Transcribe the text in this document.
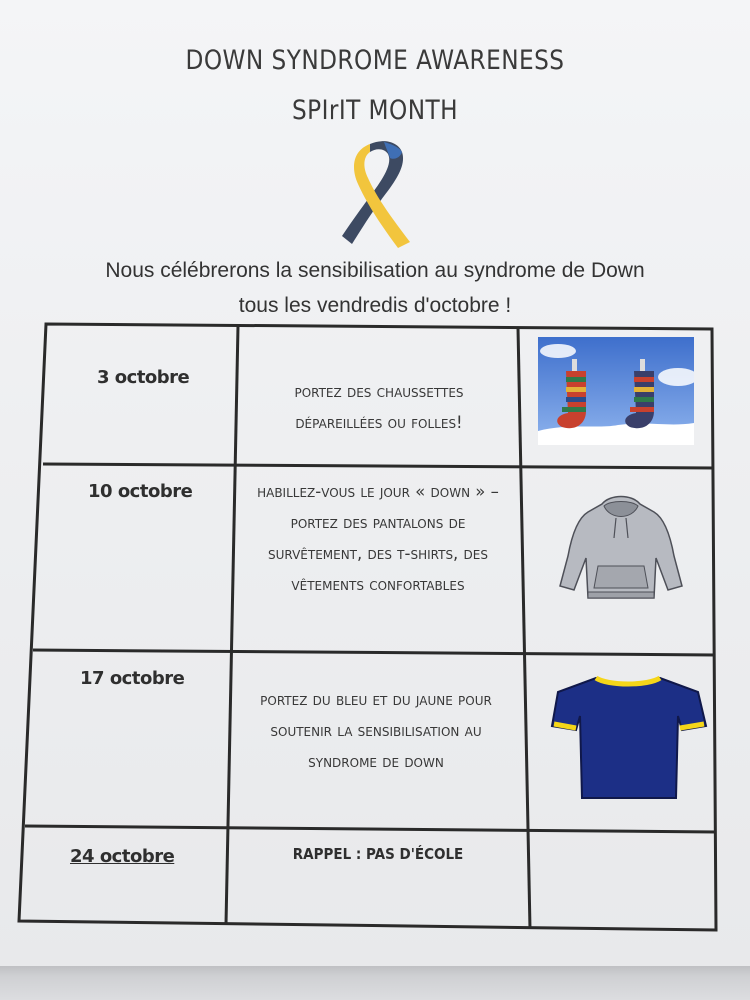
DOWN SYNDROME AWARENESS
SPIrIT MONTH
Nous célébrerons la sensibilisation au syndrome de Down
tous les vendredis d'octobre !
3 octobre
portez des chaussettes
dépareillées ou folles!
10 octobre	habillez-vous le jour « down » –
portez des pantalons de
survêtement, des t-shirts, des
vêtements confortables
17 octobre
portez du bleu et du jaune pour
soutenir la sensibilisation au
syndrome de down
24 octobre	RAPPEL : PAS D'ÉCOLE
